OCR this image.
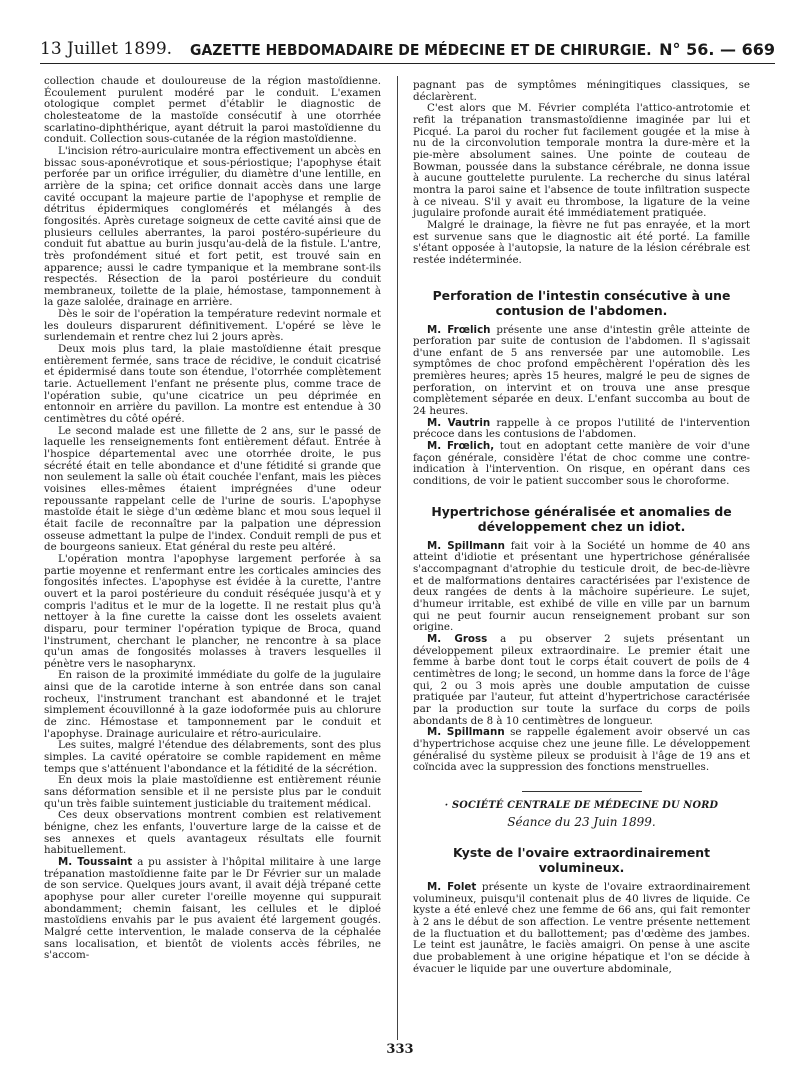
13 Juillet 1899. GAZETTE HEBDOMADAIRE DE MÉDECINE ET DE CHIRURGIE. N° 56. — 669

collection chaude et douloureuse de la région mastoïdienne. Écoulement purulent modéré par le conduit. L'examen otologique complet permet d'établir le diagnostic de cholesteatome de la mastoïde consécutif à une otorrhée scarlatino-diphthérique, ayant détruit la paroi mastoïdienne du conduit. Collection sous-cutanée de la région mastoïdienne.

L'incision rétro-auriculaire montra effectivement un abcès en bissac sous-aponévrotique et sous-périostique; l'apophyse était perforée par un orifice irrégulier, du diamètre d'une lentille, en arrière de la spina; cet orifice donnait accès dans une large cavité occupant la majeure partie de l'apophyse et remplie de détritus épidermiques conglomérés et mélangés à des fongosités. Après curetage soigneux de cette cavité ainsi que de plusieurs cellules aberrantes, la paroi postéro-supérieure du conduit fut abattue au burin jusqu'au-delà de la fistule. L'antre, très profondément situé et fort petit, est trouvé sain en apparence; aussi le cadre tympanique et la membrane sont-ils respectés. Résection de la paroi postérieure du conduit membraneux, toilette de la plaie, hémostase, tamponnement à la gaze salolée, drainage en arrière.

Dès le soir de l'opération la température redevint normale et les douleurs disparurent définitivement. L'opéré se lève le surlendemain et rentre chez lui 2 jours après.

Deux mois plus tard, la plaie mastoïdienne était presque entièrement fermée, sans trace de récidive, le conduit cicatrisé et épidermisé dans toute son étendue, l'otorrhée complètement tarie. Actuellement l'enfant ne présente plus, comme trace de l'opération subie, qu'une cicatrice un peu déprimée en entonnoir en arrière du pavillon. La montre est entendue à 30 centimètres du côté opéré.

Le second malade est une fillette de 2 ans, sur le passé de laquelle les renseignements font entièrement défaut. Entrée à l'hospice départemental avec une otorrhée droite, le pus sécrété était en telle abondance et d'une fétidité si grande que non seulement la salle où était couchée l'enfant, mais les pièces voisines elles-mêmes étaient imprégnées d'une odeur repoussante rappelant celle de l'urine de souris. L'apophyse mastoïde était le siège d'un œdème blanc et mou sous lequel il était facile de reconnaître par la palpation une dépression osseuse admettant la pulpe de l'index. Conduit rempli de pus et de bourgeons sanieux. Etat général du reste peu altéré.

L'opération montra l'apophyse largement perforée à sa partie moyenne et renfermant entre les corticales amincies des fongosités infectes. L'apophyse est évidée à la curette, l'antre ouvert et la paroi postérieure du conduit réséquée jusqu'à et y compris l'aditus et le mur de la logette. Il ne restait plus qu'à nettoyer à la fine curette la caisse dont les osselets avaient disparu, pour terminer l'opération typique de Broca, quand l'instrument, cherchant le plancher, ne rencontre à sa place qu'un amas de fongosités molasses à travers lesquelles il pénètre vers le nasopharynx.

En raison de la proximité immédiate du golfe de la jugulaire ainsi que de la carotide interne à son entrée dans son canal rocheux, l'instrument tranchant est abandonné et le trajet simplement écouvillonné à la gaze iodoformée puis au chlorure de zinc. Hémostase et tamponnement par le conduit et l'apophyse. Drainage auriculaire et rétro-auriculaire.

Les suites, malgré l'étendue des délabrements, sont des plus simples. La cavité opératoire se comble rapidement en même temps que s'atténuent l'abondance et la fétidité de la sécrétion.

En deux mois la plaie mastoïdienne est entièrement réunie sans déformation sensible et il ne persiste plus par le conduit qu'un très faible suintement justiciable du traitement médical.

Ces deux observations montrent combien est relativement bénigne, chez les enfants, l'ouverture large de la caisse et de ses annexes et quels avantageux résultats elle fournit habituellement.

M. Toussaint a pu assister à l'hôpital militaire à une large trépanation mastoïdienne faite par le Dr Février sur un malade de son service. Quelques jours avant, il avait déjà trépané cette apophyse pour aller cureter l'oreille moyenne qui suppurait abondamment; chemin faisant, les cellules et le diploé mastoïdiens envahis par le pus avaient été largement gougés. Malgré cette intervention, le malade conserva de la céphalée sans localisation, et bientôt de violents accès fébriles, ne s'accom-

pagnant pas de symptômes méningitiques classiques, se déclarèrent.

C'est alors que M. Février compléta l'attico-antrotomie et refit la trépanation transmastoïdienne imaginée par lui et Picqué. La paroi du rocher fut facilement gougée et la mise à nu de la circonvolution temporale montra la dure-mère et la pie-mère absolument saines. Une pointe de couteau de Bowman, poussée dans la substance cérébrale, ne donna issue à aucune gouttelette purulente. La recherche du sinus latéral montra la paroi saine et l'absence de toute infiltration suspecte à ce niveau. S'il y avait eu thrombose, la ligature de la veine jugulaire profonde aurait été immédiatement pratiquée.

Malgré le drainage, la fièvre ne fut pas enrayée, et la mort est survenue sans que le diagnostic ait été porté. La famille s'étant opposée à l'autopsie, la nature de la lésion cérébrale est restée indéterminée.

Perforation de l'intestin consécutive à une contusion de l'abdomen.

M. Frœlich présente une anse d'intestin grêle atteinte de perforation par suite de contusion de l'abdomen. Il s'agissait d'une enfant de 5 ans renversée par une automobile. Les symptômes de choc profond empêchèrent l'opération dès les premières heures; après 15 heures, malgré le peu de signes de perforation, on intervint et on trouva une anse presque complètement séparée en deux. L'enfant succomba au bout de 24 heures.

M. Vautrin rappelle à ce propos l'utilité de l'intervention précoce dans les contusions de l'abdomen.

M. Frœlich, tout en adoptant cette manière de voir d'une façon générale, considère l'état de choc comme une contre-indication à l'intervention. On risque, en opérant dans ces conditions, de voir le patient succomber sous le choroforme.

Hypertrichose généralisée et anomalies de développement chez un idiot.

M. Spillmann fait voir à la Société un homme de 40 ans atteint d'idiotie et présentant une hypertrichose généralisée s'accompagnant d'atrophie du testicule droit, de bec-de-lièvre et de malformations dentaires caractérisées par l'existence de deux rangées de dents à la mâchoire supérieure. Le sujet, d'humeur irritable, est exhibé de ville en ville par un barnum qui ne peut fournir aucun renseignement probant sur son origine.

M. Gross a pu observer 2 sujets présentant un développement pileux extraordinaire. Le premier était une femme à barbe dont tout le corps était couvert de poils de 4 centimètres de long; le second, un homme dans la force de l'âge qui, 2 ou 3 mois après une double amputation de cuisse pratiquée par l'auteur, fut atteint d'hypertrichose caractérisée par la production sur toute la surface du corps de poils abondants de 8 à 10 centimètres de longueur.

M. Spillmann se rappelle également avoir observé un cas d'hypertrichose acquise chez une jeune fille. Le développement généralisé du système pileux se produisit à l'âge de 19 ans et coïncida avec la suppression des fonctions menstruelles.

· SOCIÉTÉ CENTRALE DE MÉDECINE DU NORD
Séance du 23 Juin 1899.
Kyste de l'ovaire extraordinairement volumineux.

M. Folet présente un kyste de l'ovaire extraordinairement volumineux, puisqu'il contenait plus de 40 livres de liquide. Ce kyste a été enlevé chez une femme de 66 ans, qui fait remonter à 2 ans le début de son affection. Le ventre présente nettement de la fluctuation et du ballottement; pas d'œdème des jambes. Le teint est jaunâtre, le faciès amaigri. On pense à une ascite due probablement à une origine hépatique et l'on se décide à évacuer le liquide par une ouverture abdominale,

333
